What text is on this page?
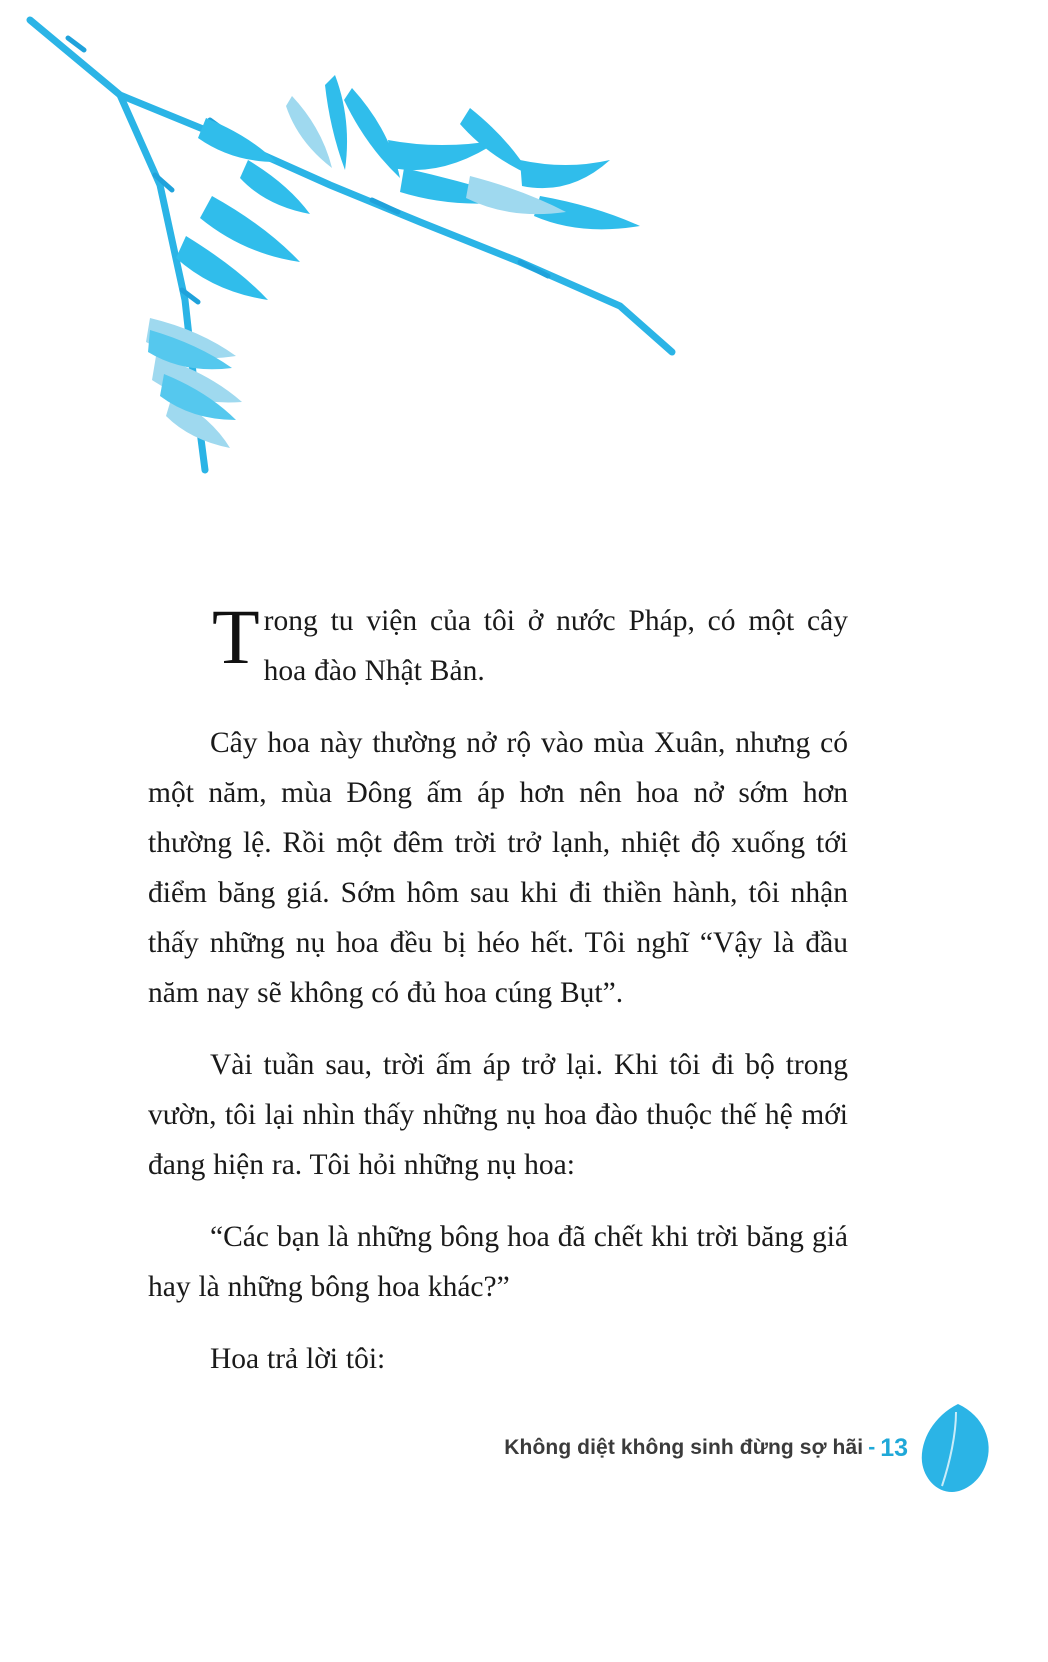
Trong tu viện của tôi ở nước Pháp, có một cây hoa đào Nhật Bản.

Cây hoa này thường nở rộ vào mùa Xuân, nhưng có một năm, mùa Đông ấm áp hơn nên hoa nở sớm hơn thường lệ. Rồi một đêm trời trở lạnh, nhiệt độ xuống tới điểm băng giá. Sớm hôm sau khi đi thiền hành, tôi nhận thấy những nụ hoa đều bị héo hết. Tôi nghĩ “Vậy là đầu năm nay sẽ không có đủ hoa cúng Bụt”.

Vài tuần sau, trời ấm áp trở lại. Khi tôi đi bộ trong vườn, tôi lại nhìn thấy những nụ hoa đào thuộc thế hệ mới đang hiện ra. Tôi hỏi những nụ hoa:

“Các bạn là những bông hoa đã chết khi trời băng giá hay là những bông hoa khác?”

Hoa trả lời tôi:

Không diệt không sinh đừng sợ hãi - 13
